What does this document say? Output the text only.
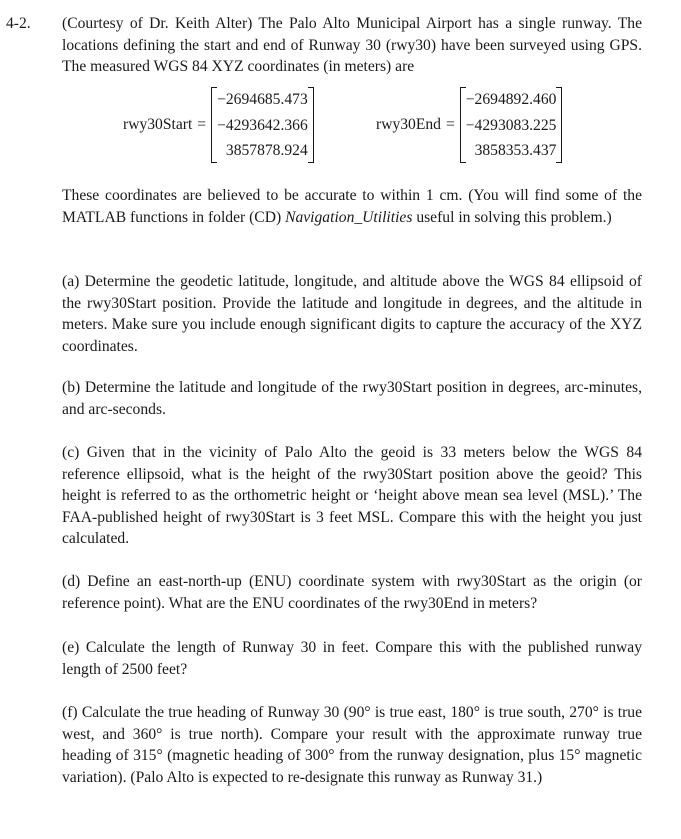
4-2. (Courtesy of Dr. Keith Alter) The Palo Alto Municipal Airport has a single runway. The locations defining the start and end of Runway 30 (rwy30) have been surveyed using GPS. The measured WGS 84 XYZ coordinates (in meters) are

rwy30Start =
−2694685.473
−4293642.366
3857878.924
rwy30End =
−2694892.460
−4293083.225
3858353.437

These coordinates are believed to be accurate to within 1 cm. (You will find some of the MATLAB functions in folder (CD) Navigation_Utilities useful in solving this problem.)

(a) Determine the geodetic latitude, longitude, and altitude above the WGS 84 ellipsoid of the rwy30Start position. Provide the latitude and longitude in degrees, and the altitude in meters. Make sure you include enough significant digits to capture the accuracy of the XYZ coordinates.

(b) Determine the latitude and longitude of the rwy30Start position in degrees, arc-minutes, and arc-seconds.

(c) Given that in the vicinity of Palo Alto the geoid is 33 meters below the WGS 84 reference ellipsoid, what is the height of the rwy30Start position above the geoid? This height is referred to as the orthometric height or ‘height above mean sea level (MSL).’ The FAA-published height of rwy30Start is 3 feet MSL. Compare this with the height you just calculated.

(d) Define an east-north-up (ENU) coordinate system with rwy30Start as the origin (or reference point). What are the ENU coordinates of the rwy30End in meters?

(e) Calculate the length of Runway 30 in feet. Compare this with the published runway length of 2500 feet?

(f) Calculate the true heading of Runway 30 (90° is true east, 180° is true south, 270° is true west, and 360° is true north). Compare your result with the approximate runway true heading of 315° (magnetic heading of 300° from the runway designation, plus 15° magnetic variation). (Palo Alto is expected to re-designate this runway as Runway 31.)
